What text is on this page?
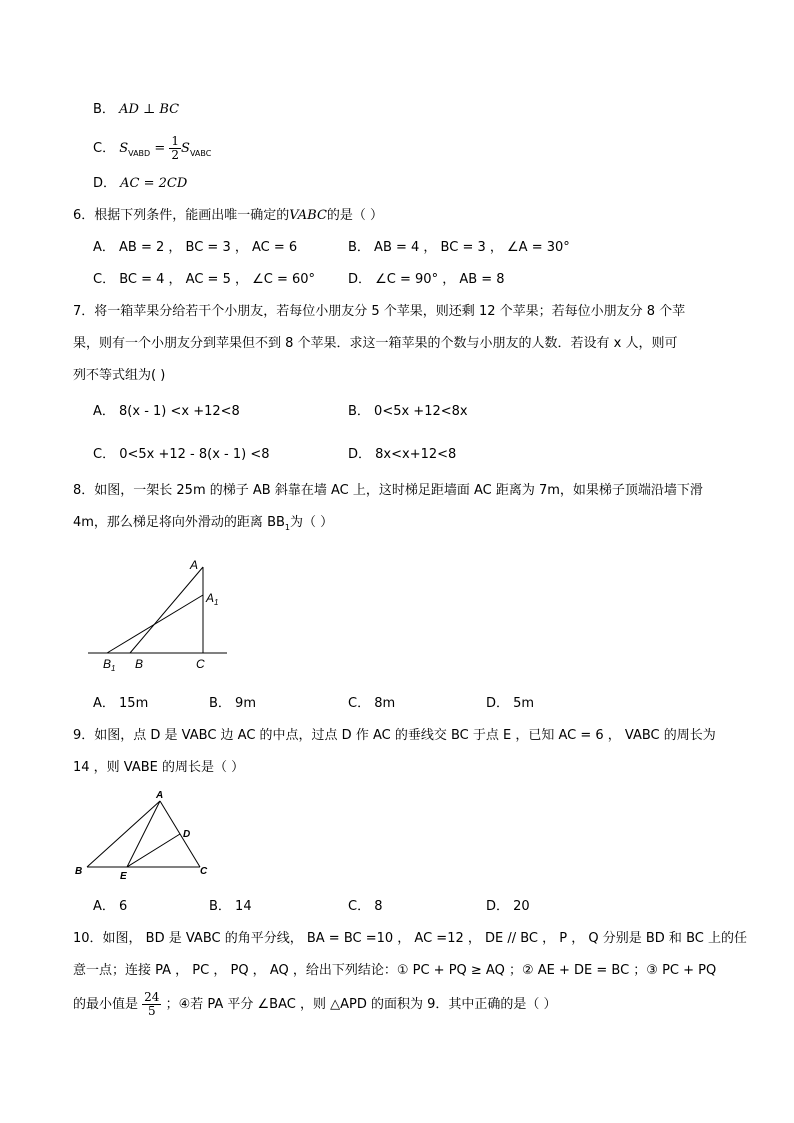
B． AD ⊥ BC
C． $S_{VABD} = \frac{1}{2} S_{VABC}$
D． AC = 2CD
6．根据下列条件，能画出唯一确定的VABC的是（ ）
A． AB = 2 ， BC = 3 ， AC = 6	B． AB = 4 ， BC = 3 ， ∠A = 30°
C． BC = 4 ， AC = 5 ， ∠C = 60°	D． ∠C = 90° ， AB = 8
7．将一箱苹果分给若干个小朋友，若每位小朋友分 5 个苹果，则还剩 12 个苹果；若每位小朋友分 8 个苹
果，则有一个小朋友分到苹果但不到 8 个苹果．求这一箱苹果的个数与小朋友的人数．若设有 x 人，则可
列不等式组为( )
A． 8(x - 1) <x +12<8	B． 0<5x +12<8x
C． 0<5x +12 - 8(x - 1) <8	D． 8x<x+12<8
8．如图，一架长 25m 的梯子 AB 斜靠在墙 AC 上，这时梯足距墙面 AC 距离为 7m，如果梯子顶端沿墙下滑
4m，那么梯足将向外滑动的距离 $BB_1$为（ ）
A
$A_1$
$B_1$ B	C
A． 15m	B． 9m	C． 8m	D． 5m
9．如图，点 D 是 VABC 边 AC 的中点，过点 D 作 AC 的垂线交 BC 于点 E ，已知 AC = 6 ， VABC 的周长为
14 ，则 VABE 的周长是（ ）
A
B	C
D
E
A． 6	B． 14	C． 8	D． 20
10．如图， BD 是 VABC 的角平分线， BA = BC =10 ， AC =12 ， DE // BC ， P ， Q 分别是 BD 和 BC 上的任
意一点；连接 PA ， PC ， PQ ， AQ ，给出下列结论：① PC + PQ ≥ AQ ；② AE + DE = BC ；③ PC + PQ
的最小值是 $\frac{24}{5}$ ；④若 PA 平分 ∠BAC ，则 △APD 的面积为 9．其中正确的是（ ）
